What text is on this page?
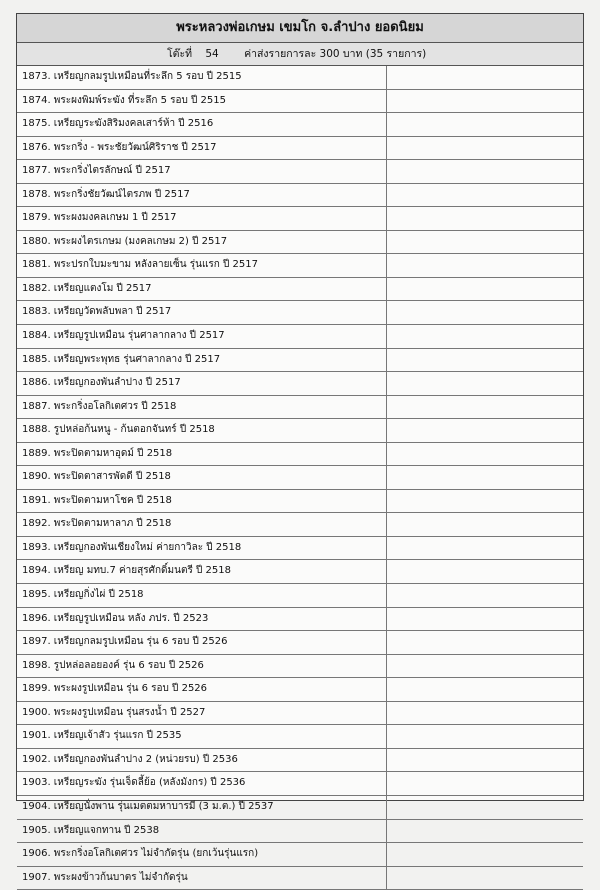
พระหลวงพ่อเกษม เขมโก จ.ลำปาง ยอดนิยม
โต๊ะที่ 54 ค่าส่งรายการละ 300 บาท (35 รายการ)
1873. เหรียญกลมรูปเหมือนที่ระลึก 5 รอบ ปี 2515
1874. พระผงพิมพ์ระฆัง ที่ระลึก 5 รอบ ปี 2515
1875. เหรียญระฆังสิริมงคลเสาร์ห้า ปี 2516
1876. พระกริ่ง - พระชัยวัฒน์ศิริราช ปี 2517
1877. พระกริ่งไตรลักษณ์ ปี 2517
1878. พระกริ่งชัยวัฒน์ไตรภพ ปี 2517
1879. พระผงมงคลเกษม 1 ปี 2517
1880. พระผงไตรเกษม (มงคลเกษม 2) ปี 2517
1881. พระปรกใบมะขาม หลังลายเซ็น รุ่นแรก ปี 2517
1882. เหรียญแตงโม ปี 2517
1883. เหรียญวัดพลับพลา ปี 2517
1884. เหรียญรูปเหมือน รุ่นศาลากลาง ปี 2517
1885. เหรียญพระพุทธ รุ่นศาลากลาง ปี 2517
1886. เหรียญกองพันลำปาง ปี 2517
1887. พระกริ่งอโลกิเตศวร ปี 2518
1888. รูปหล่อก้นหนู - ก้นตอกจันทร์ ปี 2518
1889. พระปิดตามหาอุดม์ ปี 2518
1890. พระปิดตาสารพัดดี ปี 2518
1891. พระปิดตามหาโชค ปี 2518
1892. พระปิดตามหาลาภ ปี 2518
1893. เหรียญกองพันเชียงใหม่ ค่ายกาวิละ ปี 2518
1894. เหรียญ มทบ.7 ค่ายสุรศักดิ์มนตรี ปี 2518
1895. เหรียญกิ่งไผ่ ปี 2518
1896. เหรียญรูปเหมือน หลัง ภปร. ปี 2523
1897. เหรียญกลมรูปเหมือน รุ่น 6 รอบ ปี 2526
1898. รูปหล่อลอยองค์ รุ่น 6 รอบ ปี 2526
1899. พระผงรูปเหมือน รุ่น 6 รอบ ปี 2526
1900. พระผงรูปเหมือน รุ่นสรงน้ำ ปี 2527
1901. เหรียญเจ้าสัว รุ่นแรก ปี 2535
1902. เหรียญกองพันลำปาง 2 (หน่วยรบ) ปี 2536
1903. เหรียญระฆัง รุ่นเจ็ดลี้ย้อ (หลังมังกร) ปี 2536
1904. เหรียญนั่งพาน รุ่นเมตตมหาบารมี (3 ม.ต.) ปี 2537
1905. เหรียญแจกทาน ปี 2538
1906. พระกริ่งอโลกิเตศวร ไม่จำกัดรุ่น (ยกเว้นรุ่นแรก)
1907. พระผงข้าวก้นบาตร ไม่จำกัดรุ่น
